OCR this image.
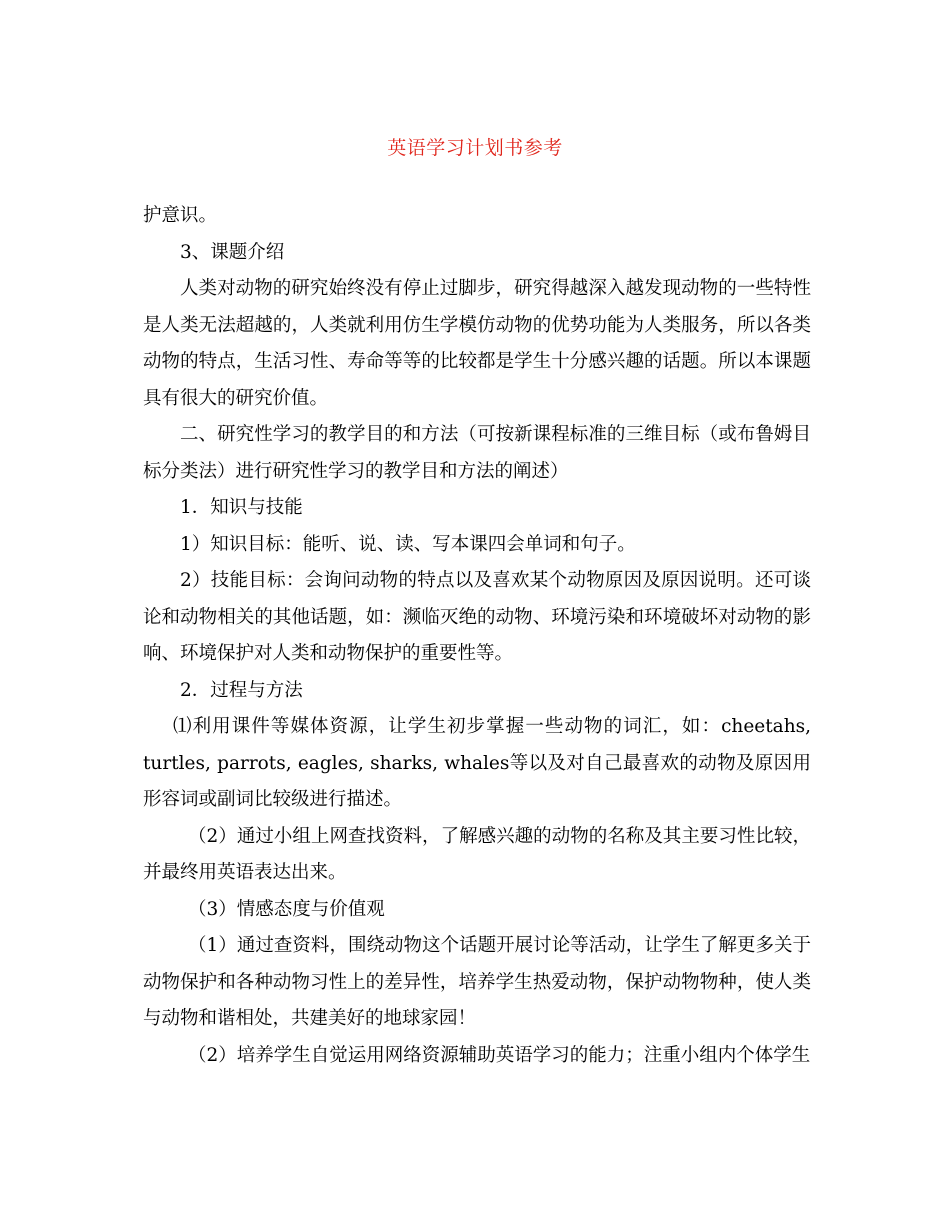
英语学习计划书参考

护意识。

3、课题介绍

人类对动物的研究始终没有停止过脚步，研究得越深入越发现动物的一些特性是人类无法超越的，人类就利用仿生学模仿动物的优势功能为人类服务，所以各类动物的特点，生活习性、寿命等等的比较都是学生十分感兴趣的话题。所以本课题具有很大的研究价值。

二、研究性学习的教学目的和方法（可按新课程标准的三维目标（或布鲁姆目标分类法）进行研究性学习的教学目和方法的阐述）

1．知识与技能

1）知识目标：能听、说、读、写本课四会单词和句子。

2）技能目标：会询问动物的特点以及喜欢某个动物原因及原因说明。还可谈论和动物相关的其他话题，如：濒临灭绝的动物、环境污染和环境破坏对动物的影响、环境保护对人类和动物保护的重要性等。

2．过程与方法

⑴利用课件等媒体资源，让学生初步掌握一些动物的词汇，如：cheetahs, turtles, parrots, eagles, sharks, whales等以及对自己最喜欢的动物及原因用形容词或副词比较级进行描述。

（2）通过小组上网查找资料，了解感兴趣的动物的名称及其主要习性比较，并最终用英语表达出来。

（3）情感态度与价值观

（1）通过查资料，围绕动物这个话题开展讨论等活动，让学生了解更多关于动物保护和各种动物习性上的差异性，培养学生热爱动物，保护动物物种，使人类与动物和谐相处，共建美好的地球家园！

（2）培养学生自觉运用网络资源辅助英语学习的能力；注重小组内个体学生
